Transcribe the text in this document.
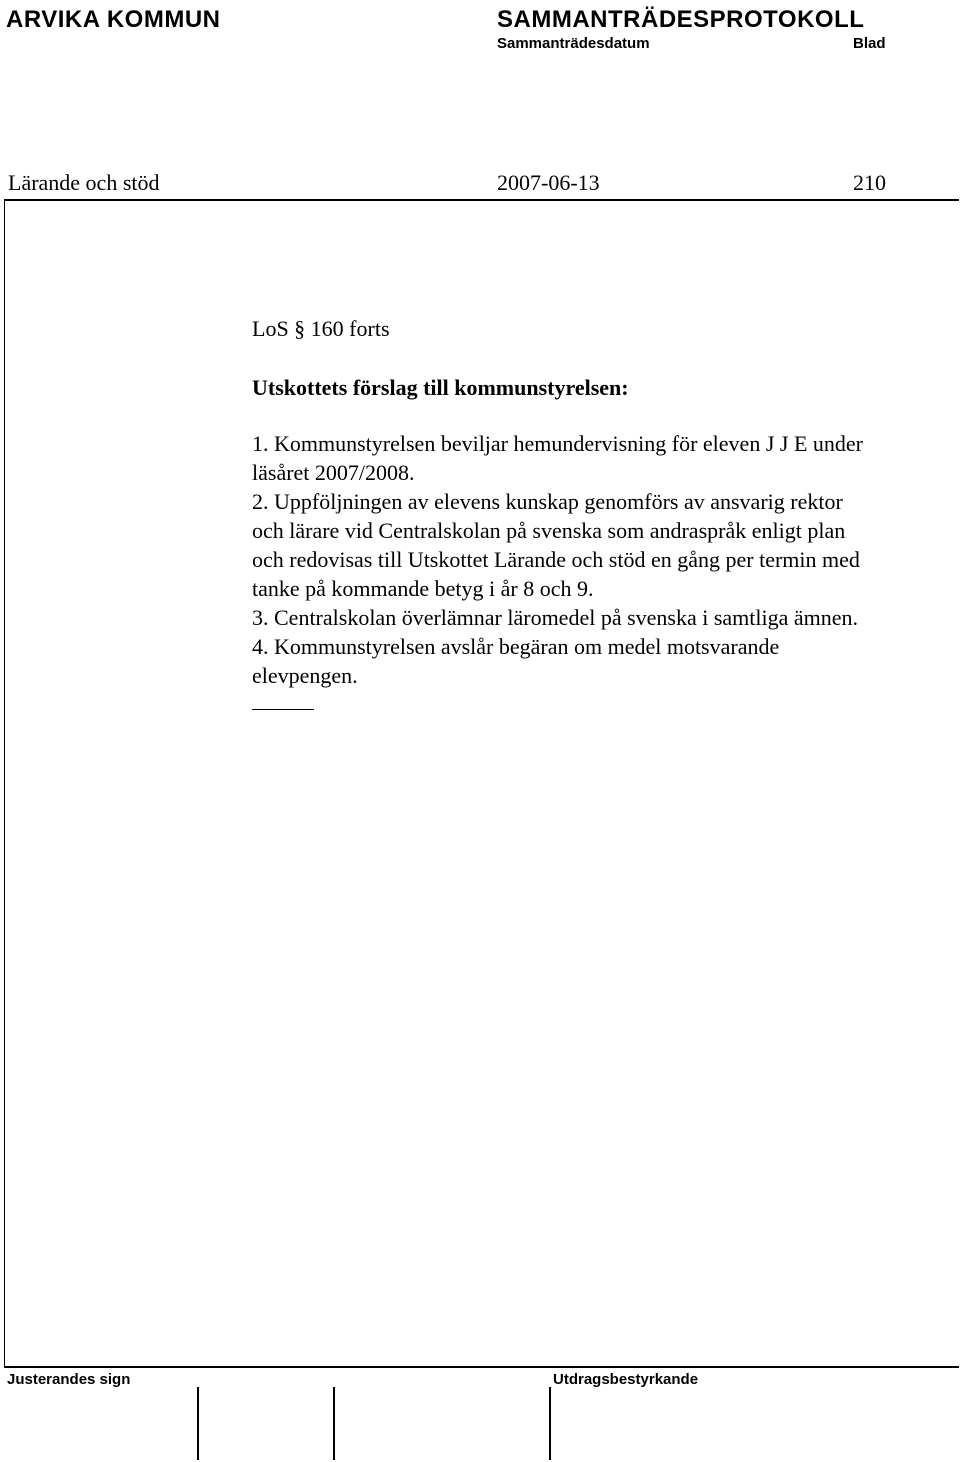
ARVIKA KOMMUN	SAMMANTRÄDESPROTOKOLL
Sammanträdesdatum	Blad
Lärande och stöd	2007-06-13	210
LoS § 160 forts
Utskottets förslag till kommunstyrelsen:
1. Kommunstyrelsen beviljar hemundervisning för eleven J J E under
läsåret 2007/2008.
2. Uppföljningen av elevens kunskap genomförs av ansvarig rektor
och lärare vid Centralskolan på svenska som andraspråk enligt plan
och redovisas till Utskottet Lärande och stöd en gång per termin med
tanke på kommande betyg i år 8 och 9.
3. Centralskolan överlämnar läromedel på svenska i samtliga ämnen.
4. Kommunstyrelsen avslår begäran om medel motsvarande
elevpengen.
Justerandes sign	Utdragsbestyrkande
